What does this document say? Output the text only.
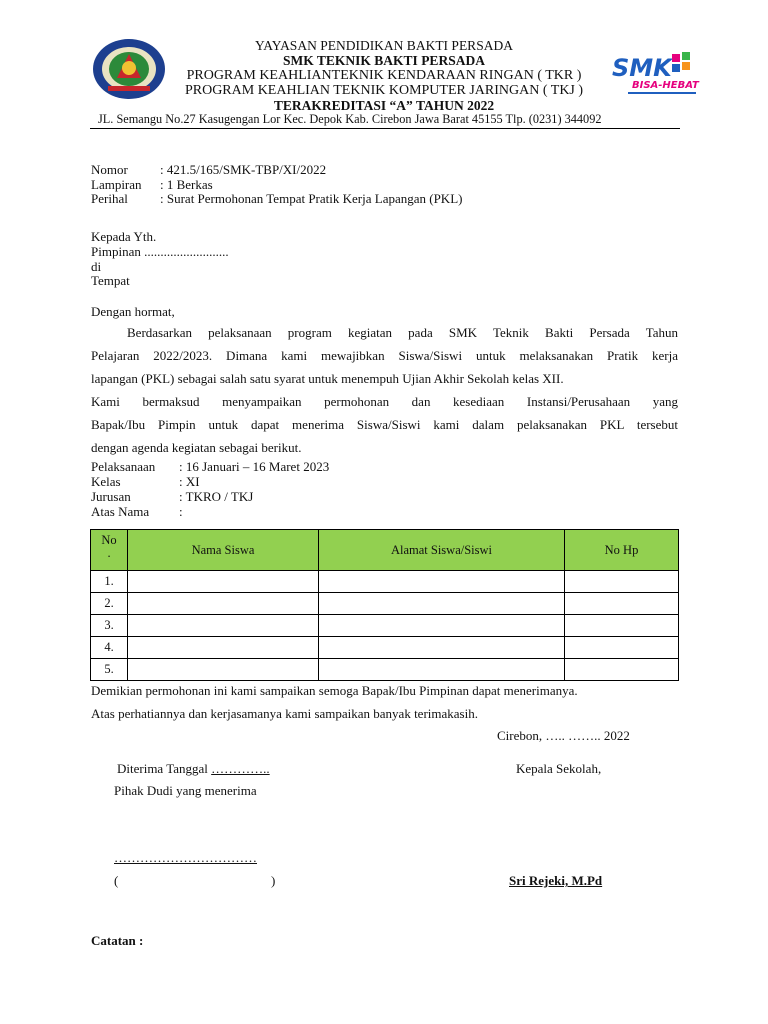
SMK
BISA-HEBAT
YAYASAN PENDIDIKAN BAKTI PERSADA
SMK TEKNIK BAKTI PERSADA
PROGRAM KEAHLIANTEKNIK KENDARAAN RINGAN ( TKR )
PROGRAM KEAHLIAN TEKNIK KOMPUTER JARINGAN ( TKJ )
TERAKREDITASI “A” TAHUN 2022
JL. Semangu No.27 Kasugengan Lor Kec. Depok Kab. Cirebon Jawa Barat 45155 Tlp. (0231) 344092
Nomor : 421.5/165/SMK-TBP/XI/2022
Lampiran : 1 Berkas
Perihal : Surat Permohonan Tempat Pratik Kerja Lapangan (PKL)
Kepada Yth.
Pimpinan ..........................
di
Tempat
Dengan hormat,
Berdasarkan pelaksanaan program kegiatan pada SMK Teknik Bakti Persada Tahun
Pelajaran 2022/2023. Dimana kami mewajibkan Siswa/Siswi untuk melaksanakan Pratik kerja
lapangan (PKL) sebagai salah satu syarat untuk menempuh Ujian Akhir Sekolah kelas XII.
Kami bermaksud menyampaikan permohonan dan kesediaan Instansi/Perusahaan yang
Bapak/Ibu Pimpin untuk dapat menerima Siswa/Siswi kami dalam pelaksanakan PKL tersebut
dengan agenda kegiatan sebagai berikut.
Pelaksanaan : 16 Januari – 16 Maret 2023
Kelas	: XI
Jurusan	: TKRO / TKJ
Atas Nama :
No
.	Nama Siswa	Alamat Siswa/Siswi	No Hp
1.			
2.			
3.			
4.			
5.			
Demikian permohonan ini kami sampaikan semoga Bapak/Ibu Pimpinan dapat menerimanya.
Atas perhatiannya dan kerjasamanya kami sampaikan banyak terimakasih.
Cirebon, ….. …….. 2022
Diterima Tanggal …………..	Kepala Sekolah,
Pihak Dudi yang menerima
……………………………
(	)	Sri Rejeki, M.Pd
Catatan :
